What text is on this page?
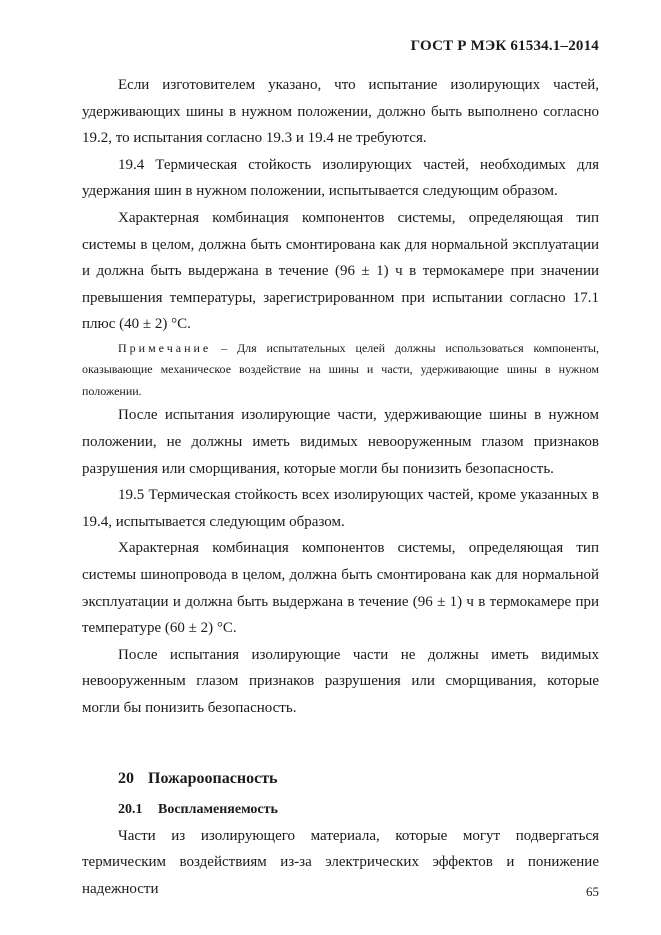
ГОСТ Р МЭК 61534.1–2014

Если изготовителем указано, что испытание изолирующих частей, удерживающих шины в нужном положении, должно быть выполнено согласно 19.2, то испытания согласно 19.3 и 19.4 не требуются.

19.4 Термическая стойкость изолирующих частей, необходимых для удержания шин в нужном положении, испытывается следующим образом.

Характерная комбинация компонентов системы, определяющая тип системы в целом, должна быть смонтирована как для нормальной эксплуатации и должна быть выдержана в течение (96 ± 1) ч в термокамере при значении превышения температуры, зарегистрированном при испытании согласно 17.1 плюс (40 ± 2) °C.

Примечание – Для испытательных целей должны использоваться компоненты, оказывающие механическое воздействие на шины и части, удерживающие шины в нужном положении.

После испытания изолирующие части, удерживающие шины в нужном положении, не должны иметь видимых невооруженным глазом признаков разрушения или сморщивания, которые могли бы понизить безопасность.

19.5 Термическая стойкость всех изолирующих частей, кроме указанных в 19.4, испытывается следующим образом.

Характерная комбинация компонентов системы, определяющая тип системы шинопровода в целом, должна быть смонтирована как для нормальной эксплуатации и должна быть выдержана в течение (96 ± 1) ч в термокамере при температуре (60 ± 2) °C.

После испытания изолирующие части не должны иметь видимых невооруженным глазом признаков разрушения или сморщивания, которые могли бы понизить безопасность.

20 Пожароопасность
20.1 Воспламеняемость

Части из изолирующего материала, которые могут подвергаться термическим воздействиям из-за электрических эффектов и понижение надежности	65
